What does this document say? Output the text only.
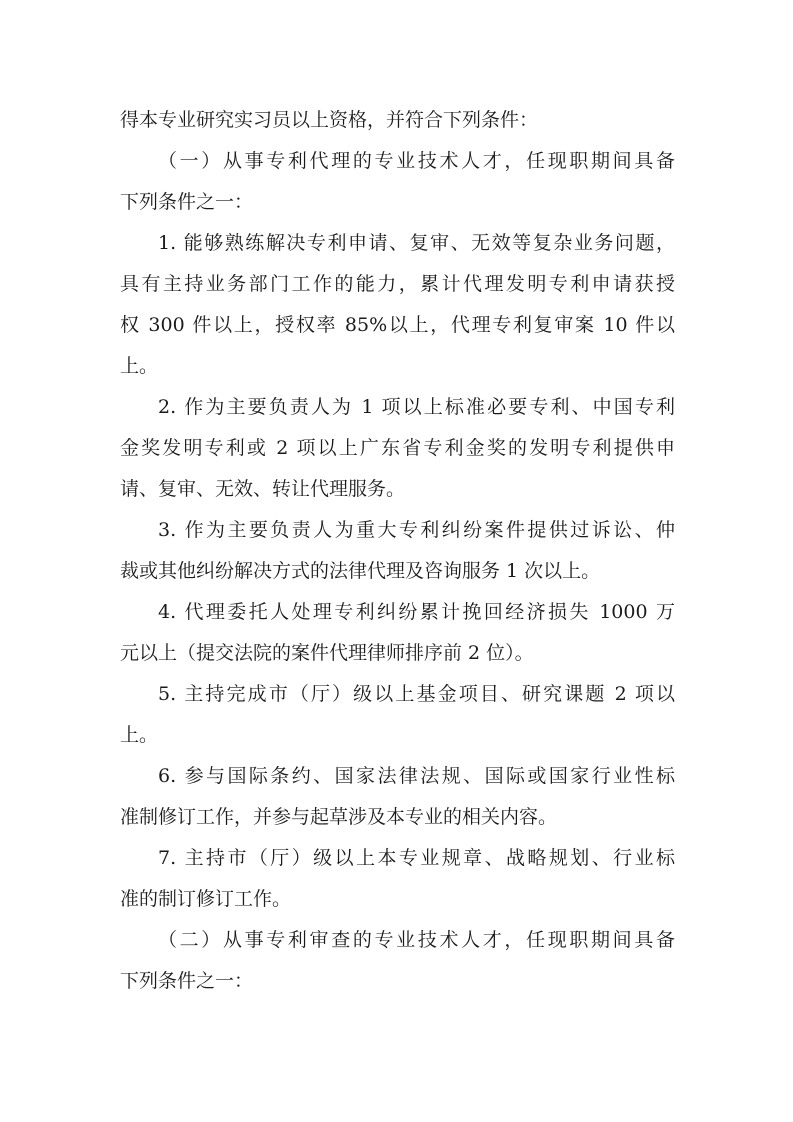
得本专业研究实习员以上资格，并符合下列条件：
（一）从事专利代理的专业技术人才，任现职期间具备
下列条件之一：
1. 能够熟练解决专利申请、复审、无效等复杂业务问题，
具有主持业务部门工作的能力，累计代理发明专利申请获授
权 300 件以上，授权率 85%以上，代理专利复审案 10 件以
上。
2. 作为主要负责人为 1 项以上标准必要专利、中国专利
金奖发明专利或 2 项以上广东省专利金奖的发明专利提供申
请、复审、无效、转让代理服务。
3. 作为主要负责人为重大专利纠纷案件提供过诉讼、仲
裁或其他纠纷解决方式的法律代理及咨询服务 1 次以上。
4. 代理委托人处理专利纠纷累计挽回经济损失 1000 万
元以上（提交法院的案件代理律师排序前 2 位）。
5. 主持完成市（厅）级以上基金项目、研究课题 2 项以
上。
6. 参与国际条约、国家法律法规、国际或国家行业性标
准制修订工作，并参与起草涉及本专业的相关内容。
7. 主持市（厅）级以上本专业规章、战略规划、行业标
准的制订修订工作。
（二）从事专利审查的专业技术人才，任现职期间具备
下列条件之一：
